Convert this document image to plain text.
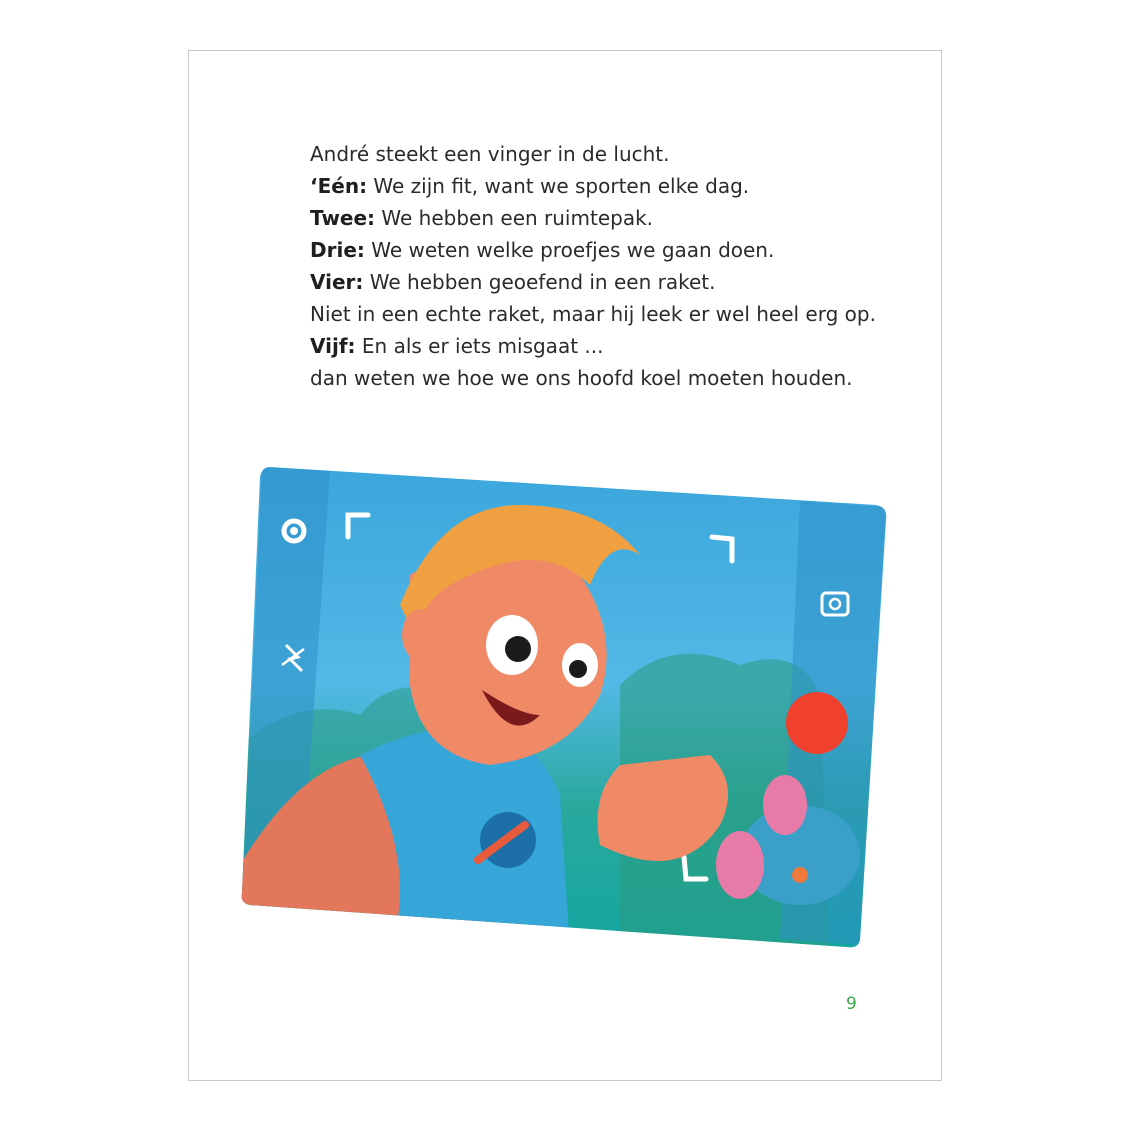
André steekt een vinger in de lucht.
‘Eén: We zijn fit, want we sporten elke dag.
Twee: We hebben een ruimtepak.
Drie: We weten welke proefjes we gaan doen.
Vier: We hebben geoefend in een raket.
Niet in een echte raket, maar hij leek er wel heel erg op.
Vijf: En als er iets misgaat ...
dan weten we hoe we ons hoofd koel moeten houden.
9
